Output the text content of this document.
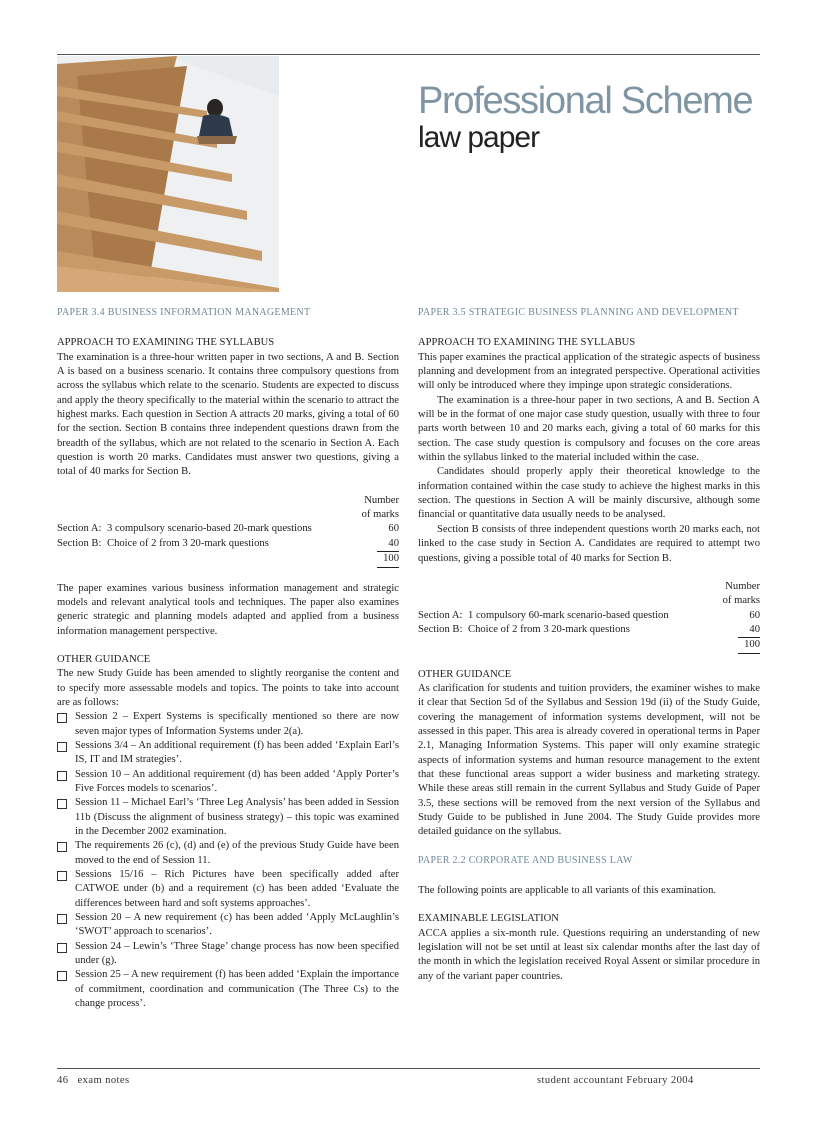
Professional Scheme
law paper
PAPER 3.4 BUSINESS INFORMATION MANAGEMENT
APPROACH TO EXAMINING THE SYLLABUS

The examination is a three-hour written paper in two sections, A and B. Section A is based on a business scenario. It contains three compulsory questions from across the syllabus which relate to the scenario. Students are expected to discuss and apply the theory specifically to the material within the scenario to attract the highest marks. Each question in Section A attracts 20 marks, giving a total of 60 for the section. Section B contains three independent questions drawn from the breadth of the syllabus, which are not related to the scenario in Section A. Each question is worth 20 marks. Candidates must answer two questions, giving a total of 40 marks for Section B.

		Number
		of marks
Section A:	3 compulsory scenario-based 20-mark questions	60
Section B:	Choice of 2 from 3 20-mark questions	40
		100

The paper examines various business information management and strategic models and relevant analytical tools and techniques. The paper also examines generic strategic and planning models adapted and applied from a business information management perspective.

OTHER GUIDANCE

The new Study Guide has been amended to slightly reorganise the content and to specify more assessable models and topics. The points to take into account are as follows:

Session 2 – Expert Systems is specifically mentioned so there are now seven major types of Information Systems under 2(a).
Sessions 3/4 – An additional requirement (f) has been added ‘Explain Earl’s IS, IT and IM strategies’.
Session 10 – An additional requirement (d) has been added ‘Apply Porter’s Five Forces models to scenarios’.
Session 11 – Michael Earl’s ‘Three Leg Analysis’ has been added in Session 11b (Discuss the alignment of business strategy) – this topic was examined in the December 2002 examination.
The requirements 26 (c), (d) and (e) of the previous Study Guide have been moved to the end of Session 11.
Sessions 15/16 – Rich Pictures have been specifically added after CATWOE under (b) and a requirement (c) has been added ‘Evaluate the differences between hard and soft systems approaches’.
Session 20 – A new requirement (c) has been added ‘Apply McLaughlin’s ‘SWOT’ approach to scenarios’.
Session 24 – Lewin’s ‘Three Stage’ change process has now been specified under (g).
Session 25 – A new requirement (f) has been added ‘Explain the importance of commitment, coordination and communication (The Three Cs) to the change process’.
PAPER 3.5 STRATEGIC BUSINESS PLANNING AND DEVELOPMENT
APPROACH TO EXAMINING THE SYLLABUS

This paper examines the practical application of the strategic aspects of business planning and development from an integrated perspective. Operational activities will only be introduced where they impinge upon strategic considerations.

The examination is a three-hour paper in two sections, A and B. Section A will be in the format of one major case study question, usually with three to four parts worth between 10 and 20 marks each, giving a total of 60 marks for this section. The case study question is compulsory and focuses on the core areas within the syllabus linked to the material included within the case.

Candidates should properly apply their theoretical knowledge to the information contained within the case study to achieve the highest marks in this section. The questions in Section A will be mainly discursive, although some financial or quantitative data usually needs to be analysed.

Section B consists of three independent questions worth 20 marks each, not linked to the case study in Section A. Candidates are required to attempt two questions, giving a possible total of 40 marks for Section B.

		Number
		of marks
Section A:	1 compulsory 60-mark scenario-based question	60
Section B:	Choice of 2 from 3 20-mark questions	40
		100
OTHER GUIDANCE

As clarification for students and tuition providers, the examiner wishes to make it clear that Section 5d of the Syllabus and Session 19d (ii) of the Study Guide, covering the management of information systems development, will not be assessed in this paper. This area is already covered in operational terms in Paper 2.1, Managing Information Systems. This paper will only examine strategic aspects of information systems and human resource management to the extent that these functional areas support a wider business and marketing strategy. While these areas still remain in the current Syllabus and Study Guide of Paper 3.5, these sections will be removed from the next version of the Syllabus and Study Guide to be published in June 2004. The Study Guide provides more detailed guidance on the syllabus.

PAPER 2.2 CORPORATE AND BUSINESS LAW

The following points are applicable to all variants of this examination.

EXAMINABLE LEGISLATION

ACCA applies a six-month rule. Questions requiring an understanding of new legislation will not be set until at least six calendar months after the last day of the month in which the legislation received Royal Assent or similar procedure in any of the variant paper countries.

46   exam notes	student accountant February 2004
